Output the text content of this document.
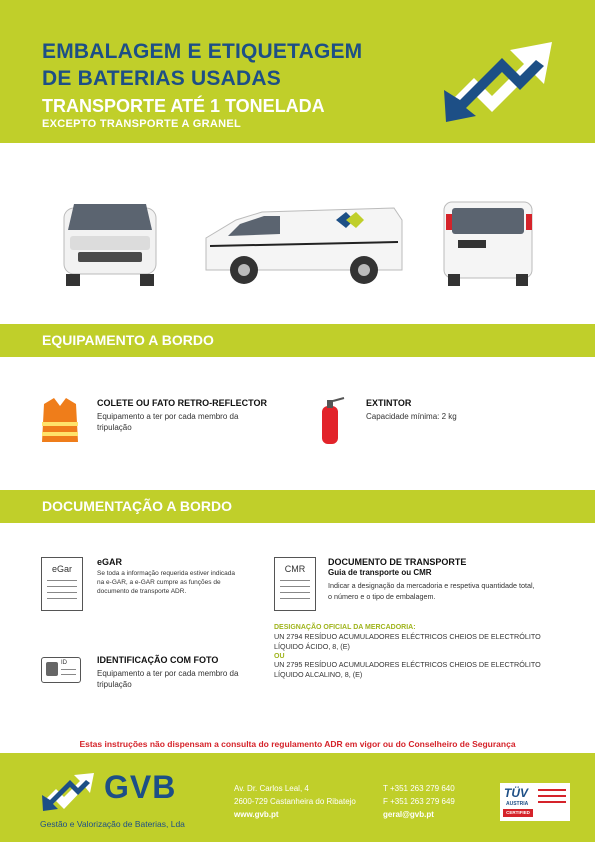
EMBALAGEM E ETIQUETAGEM
DE BATERIAS USADAS
TRANSPORTE ATÉ 1 TONELADA
EXCEPTO TRANSPORTE A GRANEL
EQUIPAMENTO A BORDO
COLETE OU FATO RETRO-REFLECTOR
Equipamento a ter por cada membro da
tripulação
EXTINTOR
Capacidade mínima: 2 kg
DOCUMENTAÇÃO A BORDO
eGar
eGAR
Se toda a informação requerida estiver indicada
na e-GAR, a e-GAR cumpre as funções de
documento de transporte ADR.
ID	IDENTIFICAÇÃO COM FOTO
Equipamento a ter por cada membro da
tripulação
CMR
DOCUMENTO DE TRANSPORTE
Guia de transporte ou CMR
Indicar a designação da mercadoria e respetiva quantidade total,
o número e o tipo de embalagem.
DESIGNAÇÃO OFICIAL DA MERCADORIA:
UN 2794 RESÍDUO ACUMULADORES ELÉCTRICOS CHEIOS DE ELECTRÓLITO
LÍQUIDO ÁCIDO, 8, (E)
OU
UN 2795 RESÍDUO ACUMULADORES ELÉCTRICOS CHEIOS DE ELECTRÓLITO
LÍQUIDO ALCALINO, 8, (E)
Estas instruções não dispensam a consulta do regulamento ADR em vigor ou do Conselheiro de Segurança
GVB
Gestão e Valorização de Baterias, Lda
Av. Dr. Carlos Leal, 4
2600-729 Castanheira do Ribatejo
www.gvb.pt
T +351 263 279 640
F +351 263 279 649
geral@gvb.pt
TÜV
AUSTRIA
CERTIFIED
